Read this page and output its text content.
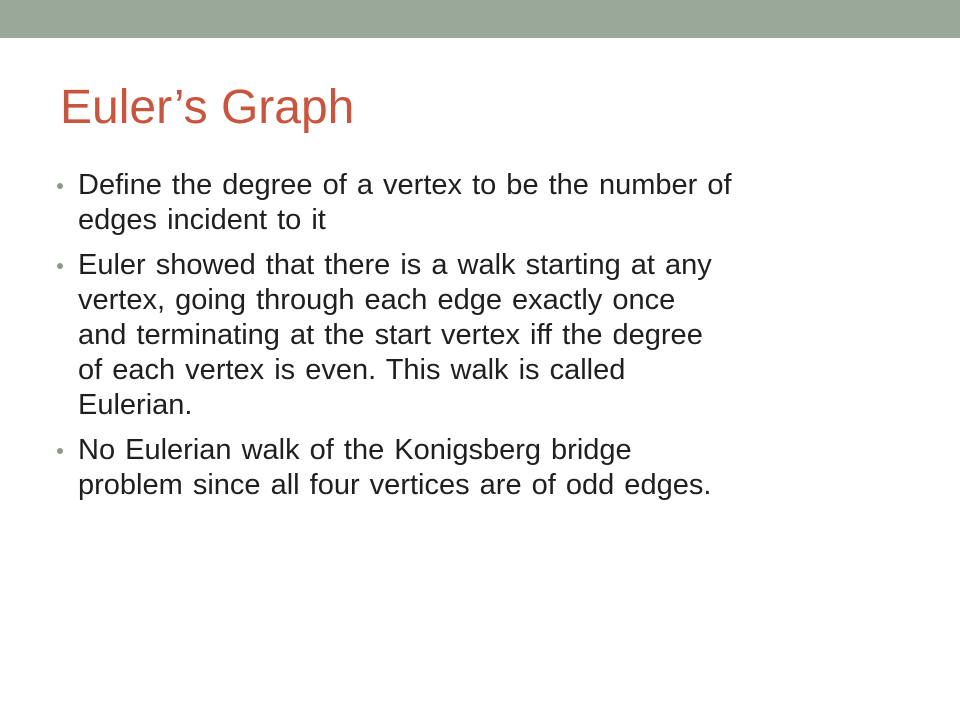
Euler’s Graph
Define the degree of a vertex to be the number of
edges incident to it
Euler showed that there is a walk starting at any
vertex, going through each edge exactly once
and terminating at the start vertex iff the degree
of each vertex is even. This walk is called
Eulerian.
No Eulerian walk of the Konigsberg bridge
problem since all four vertices are of odd edges.
